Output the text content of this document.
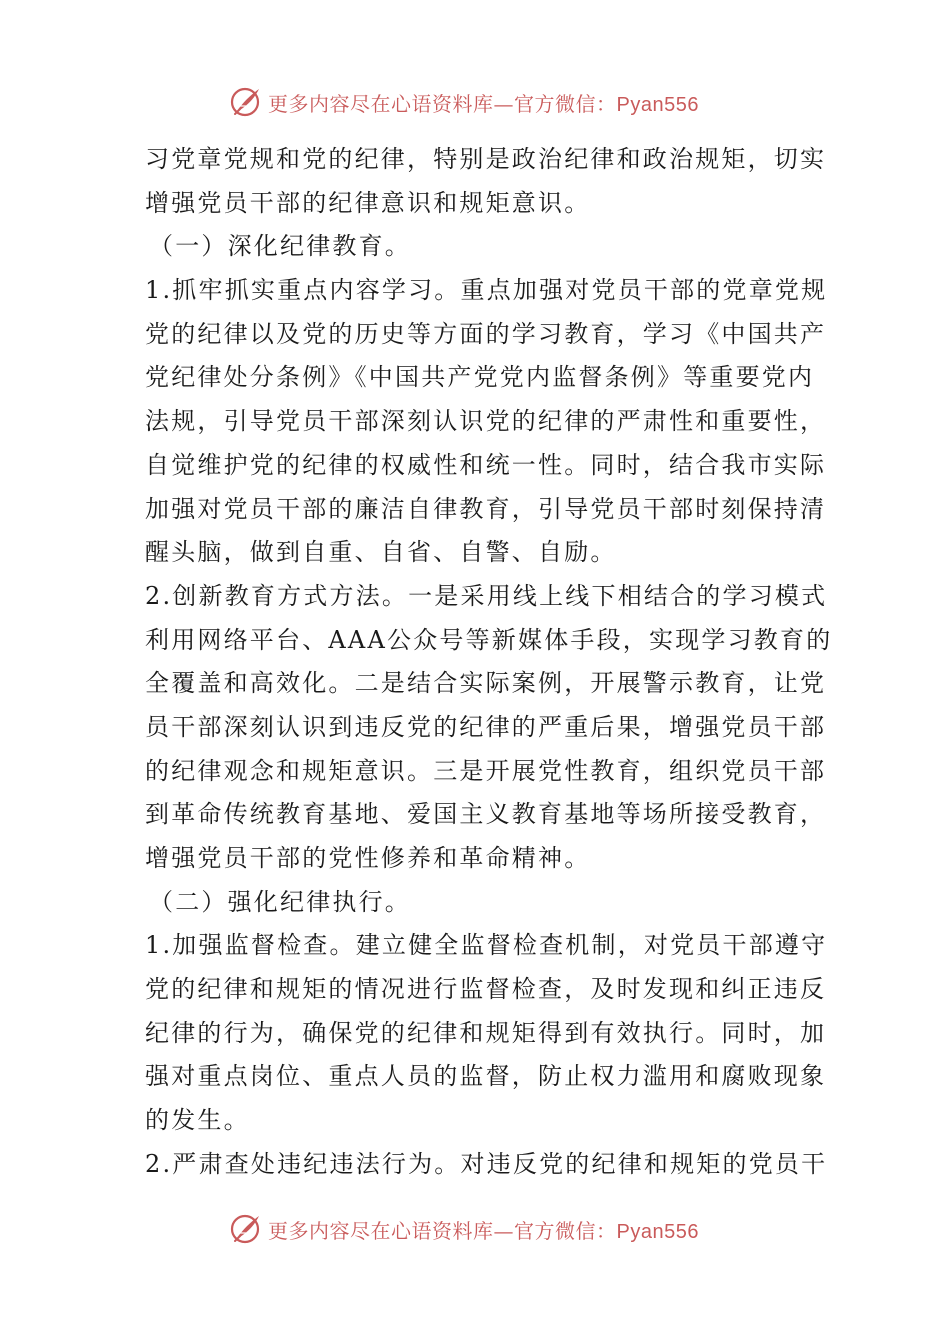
更多内容尽在心语资料库—官方微信：Pyan556
习党章党规和党的纪律，特别是政治纪律和政治规矩，切实
增强党员干部的纪律意识和规矩意识。
（一）深化纪律教育。
1.抓牢抓实重点内容学习。重点加强对党员干部的党章党规
党的纪律以及党的历史等方面的学习教育，学习《中国共产
党纪律处分条例》《中国共产党党内监督条例》等重要党内
法规，引导党员干部深刻认识党的纪律的严肃性和重要性，
自觉维护党的纪律的权威性和统一性。同时，结合我市实际
加强对党员干部的廉洁自律教育，引导党员干部时刻保持清
醒头脑，做到自重、自省、自警、自励。
2.创新教育方式方法。一是采用线上线下相结合的学习模式
利用网络平台、AAA公众号等新媒体手段，实现学习教育的
全覆盖和高效化。二是结合实际案例，开展警示教育，让党
员干部深刻认识到违反党的纪律的严重后果，增强党员干部
的纪律观念和规矩意识。三是开展党性教育，组织党员干部
到革命传统教育基地、爱国主义教育基地等场所接受教育，
增强党员干部的党性修养和革命精神。
（二）强化纪律执行。
1.加强监督检查。建立健全监督检查机制，对党员干部遵守
党的纪律和规矩的情况进行监督检查，及时发现和纠正违反
纪律的行为，确保党的纪律和规矩得到有效执行。同时，加
强对重点岗位、重点人员的监督，防止权力滥用和腐败现象
的发生。
2.严肃查处违纪违法行为。对违反党的纪律和规矩的党员干
更多内容尽在心语资料库—官方微信：Pyan556
